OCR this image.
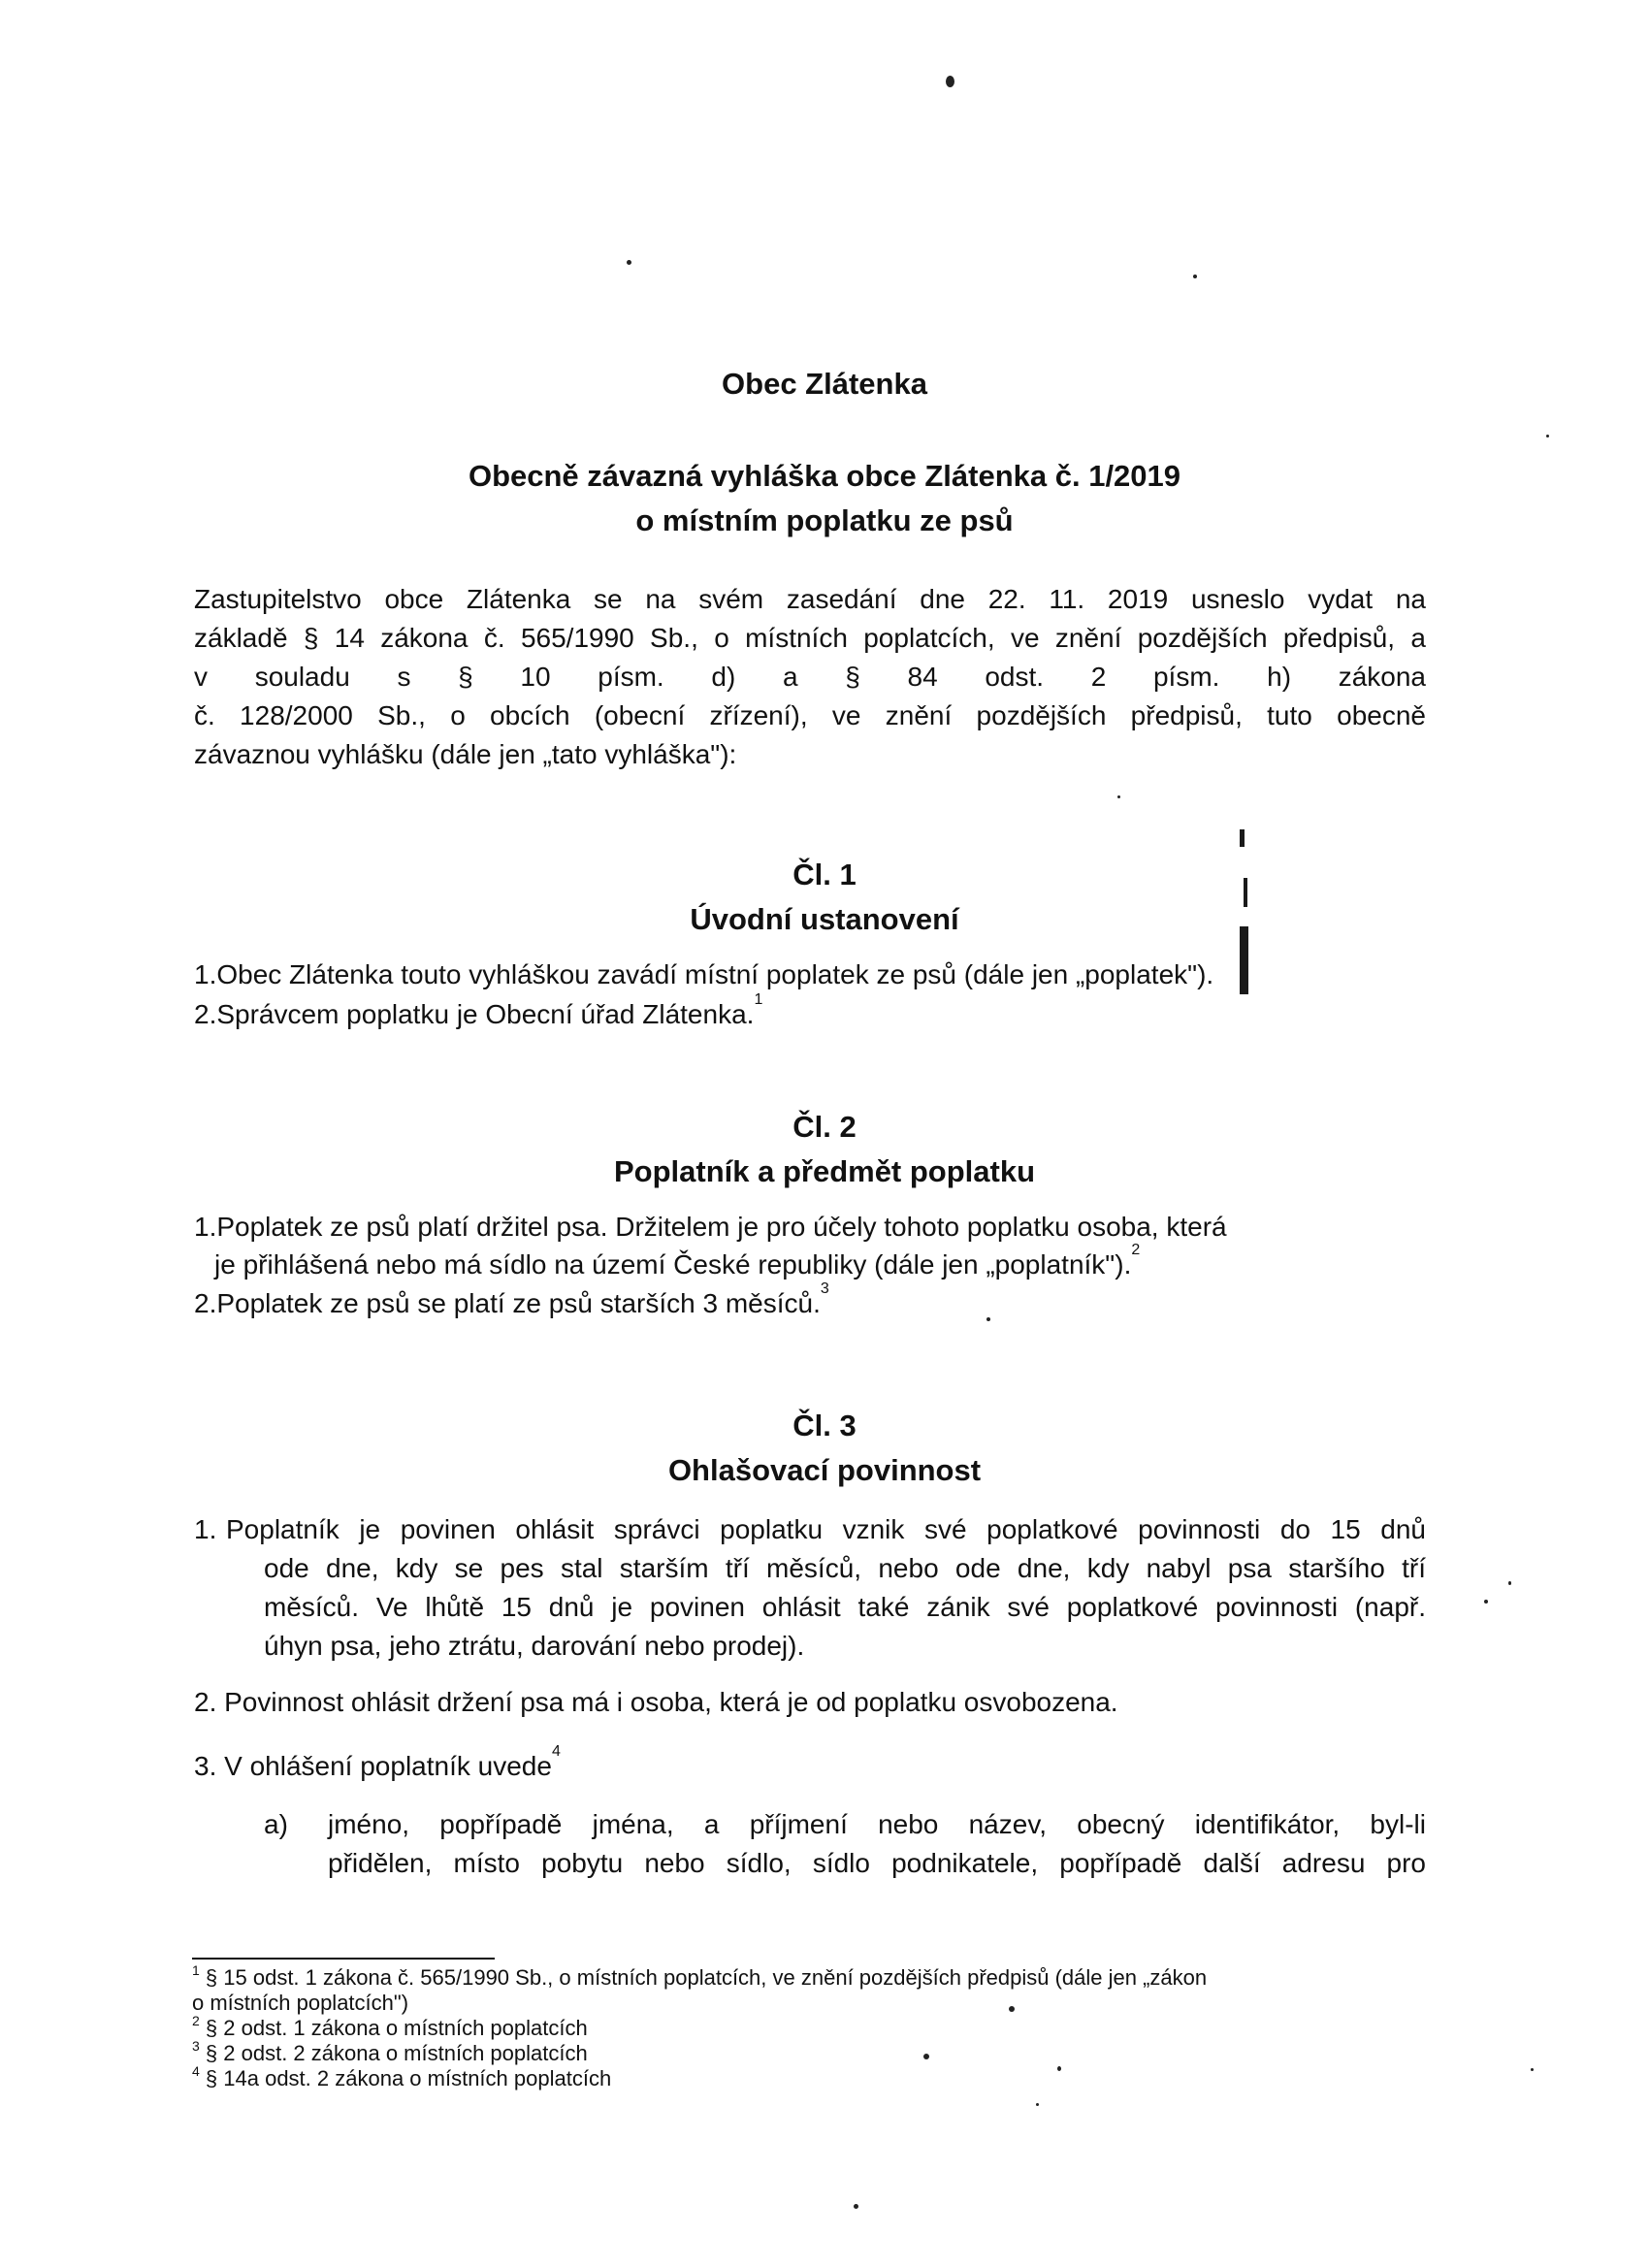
Obec Zlátenka
Obecně závazná vyhláška obce Zlátenka č. 1/2019
o místním poplatku ze psů
Zastupitelstvo obce Zlátenka se na svém zasedání dne 22. 11. 2019 usneslo vydat na
základě § 14 zákona č. 565/1990 Sb., o místních poplatcích, ve znění pozdějších předpisů, a
v souladu s § 10 písm. d) a § 84 odst. 2 písm. h) zákona
č. 128/2000 Sb., o obcích (obecní zřízení), ve znění pozdějších předpisů, tuto obecně
závaznou vyhlášku (dále jen „tato vyhláška"):
Čl. 1
Úvodní ustanovení
1.Obec Zlátenka touto vyhláškou zavádí místní poplatek ze psů (dále jen „poplatek").
2.Správcem poplatku je Obecní úřad Zlátenka.$^1$
Čl. 2
Poplatník a předmět poplatku
1.Poplatek ze psů platí držitel psa. Držitelem je pro účely tohoto poplatku osoba, která
je přihlášená nebo má sídlo na území České republiky (dále jen „poplatník").$^2$
2.Poplatek ze psů se platí ze psů starších 3 měsíců.$^3$
Čl. 3
Ohlašovací povinnost
1. Poplatník je povinen ohlásit správci poplatku vznik své poplatkové povinnosti do 15 dnů
ode dne, kdy se pes stal starším tří měsíců, nebo ode dne, kdy nabyl psa staršího tří
měsíců. Ve lhůtě 15 dnů je povinen ohlásit také zánik své poplatkové povinnosti (např.
úhyn psa, jeho ztrátu, darování nebo prodej).
2. Povinnost ohlásit držení psa má i osoba, která je od poplatku osvobozena.
3. V ohlášení poplatník uvede$^4$
a) jméno, popřípadě jména, a příjmení nebo název, obecný identifikátor, byl-li
přidělen, místo pobytu nebo sídlo, sídlo podnikatele, popřípadě další adresu pro
$^1$ § 15 odst. 1 zákona č. 565/1990 Sb., o místních poplatcích, ve znění pozdějších předpisů (dále jen „zákon
o místních poplatcích")
$^2$ § 2 odst. 1 zákona o místních poplatcích
$^3$ § 2 odst. 2 zákona o místních poplatcích
$^4$ § 14a odst. 2 zákona o místních poplatcích
